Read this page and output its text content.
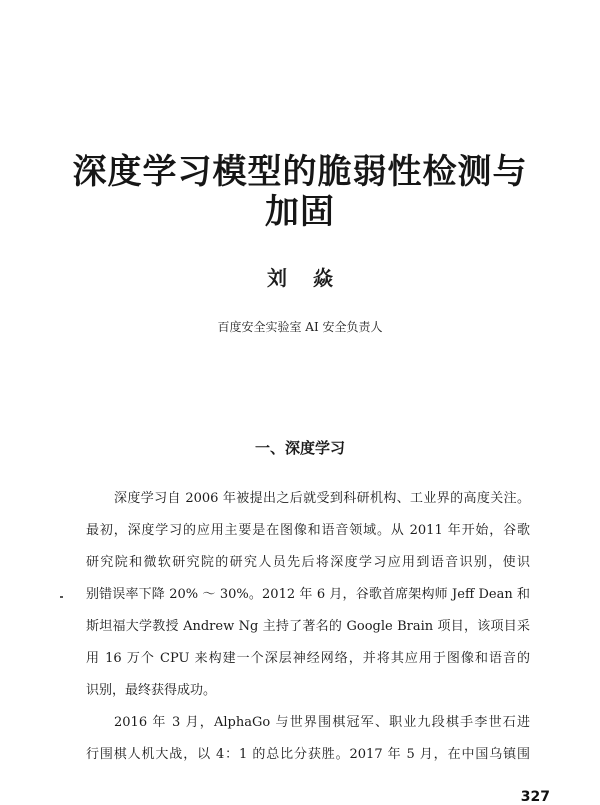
深度学习模型的脆弱性检测与
加固
刘焱
百度安全实验室 AI 安全负责人
一、深度学习
深度学习自 2006 年被提出之后就受到科研机构、工业界的高度关注。
最初，深度学习的应用主要是在图像和语音领域。从 2011 年开始，谷歌
研究院和微软研究院的研究人员先后将深度学习应用到语音识别，使识
别错误率下降 20% ～ 30%。2012 年 6 月，谷歌首席架构师 Jeff Dean 和
斯坦福大学教授 Andrew Ng 主持了著名的 Google Brain 项目，该项目采
用 16 万个 CPU 来构建一个深层神经网络，并将其应用于图像和语音的
识别，最终获得成功。
2016 年 3 月，AlphaGo 与世界围棋冠军、职业九段棋手李世石进
行围棋人机大战，以 4：1 的总比分获胜。2017 年 5 月，在中国乌镇围
327
